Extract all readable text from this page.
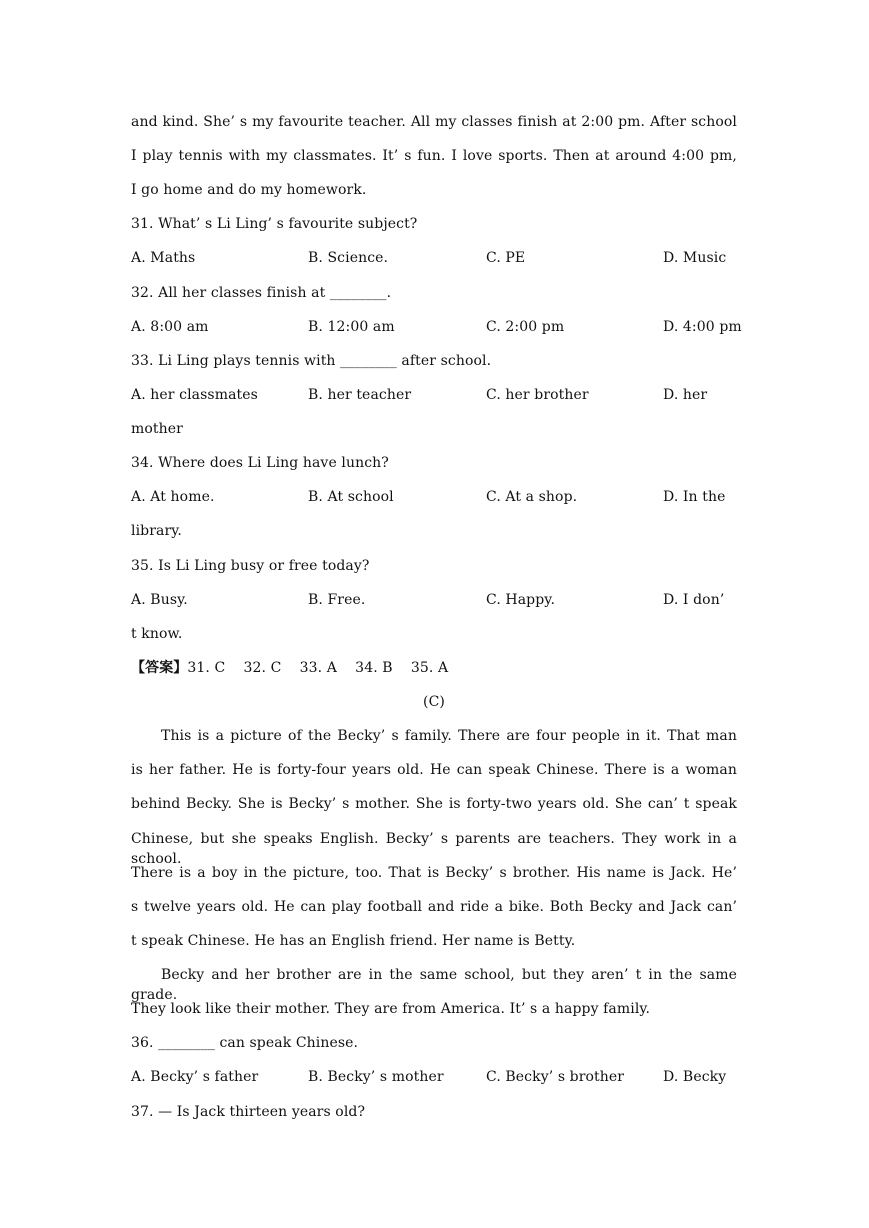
and kind. She’ s my favourite teacher. All my classes finish at 2:00 pm. After school
I play tennis with my classmates. It’ s fun. I love sports. Then at around 4:00 pm,
I go home and do my homework.
31. What’ s Li Ling’ s favourite subject?
A. Maths	B. Science.	C. PE	D. Music
32. All her classes finish at ________.
A. 8:00 am	B. 12:00 am	C. 2:00 pm	D. 4:00 pm
33. Li Ling plays tennis with ________ after school.
A. her classmates	B. her teacher	C. her brother	D. her
mother
34. Where does Li Ling have lunch?
A. At home.	B. At school	C. At a shop.	D. In the
library.
35. Is Li Ling busy or free today?
A. Busy.	B. Free.	C. Happy.	D. I don’
t know.
【答案】31. C    32. C    33. A    34. B    35. A
(C)
This is a picture of the Becky’ s family. There are four people in it. That man
is her father. He is forty-four years old. He can speak Chinese. There is a woman
behind Becky. She is Becky’ s mother. She is forty-two years old. She can’ t speak
Chinese, but she speaks English. Becky’ s parents are teachers. They work in a school.
There is a boy in the picture, too. That is Becky’ s brother. His name is Jack. He’
s twelve years old. He can play football and ride a bike. Both Becky and Jack can’
t speak Chinese. He has an English friend. Her name is Betty.
Becky and her brother are in the same school, but they aren’ t in the same grade.
They look like their mother. They are from America. It’ s a happy family.
36. ________ can speak Chinese.
A. Becky’ s father	B. Becky’ s mother	C. Becky’ s brother	D. Becky
37. — Is Jack thirteen years old?
